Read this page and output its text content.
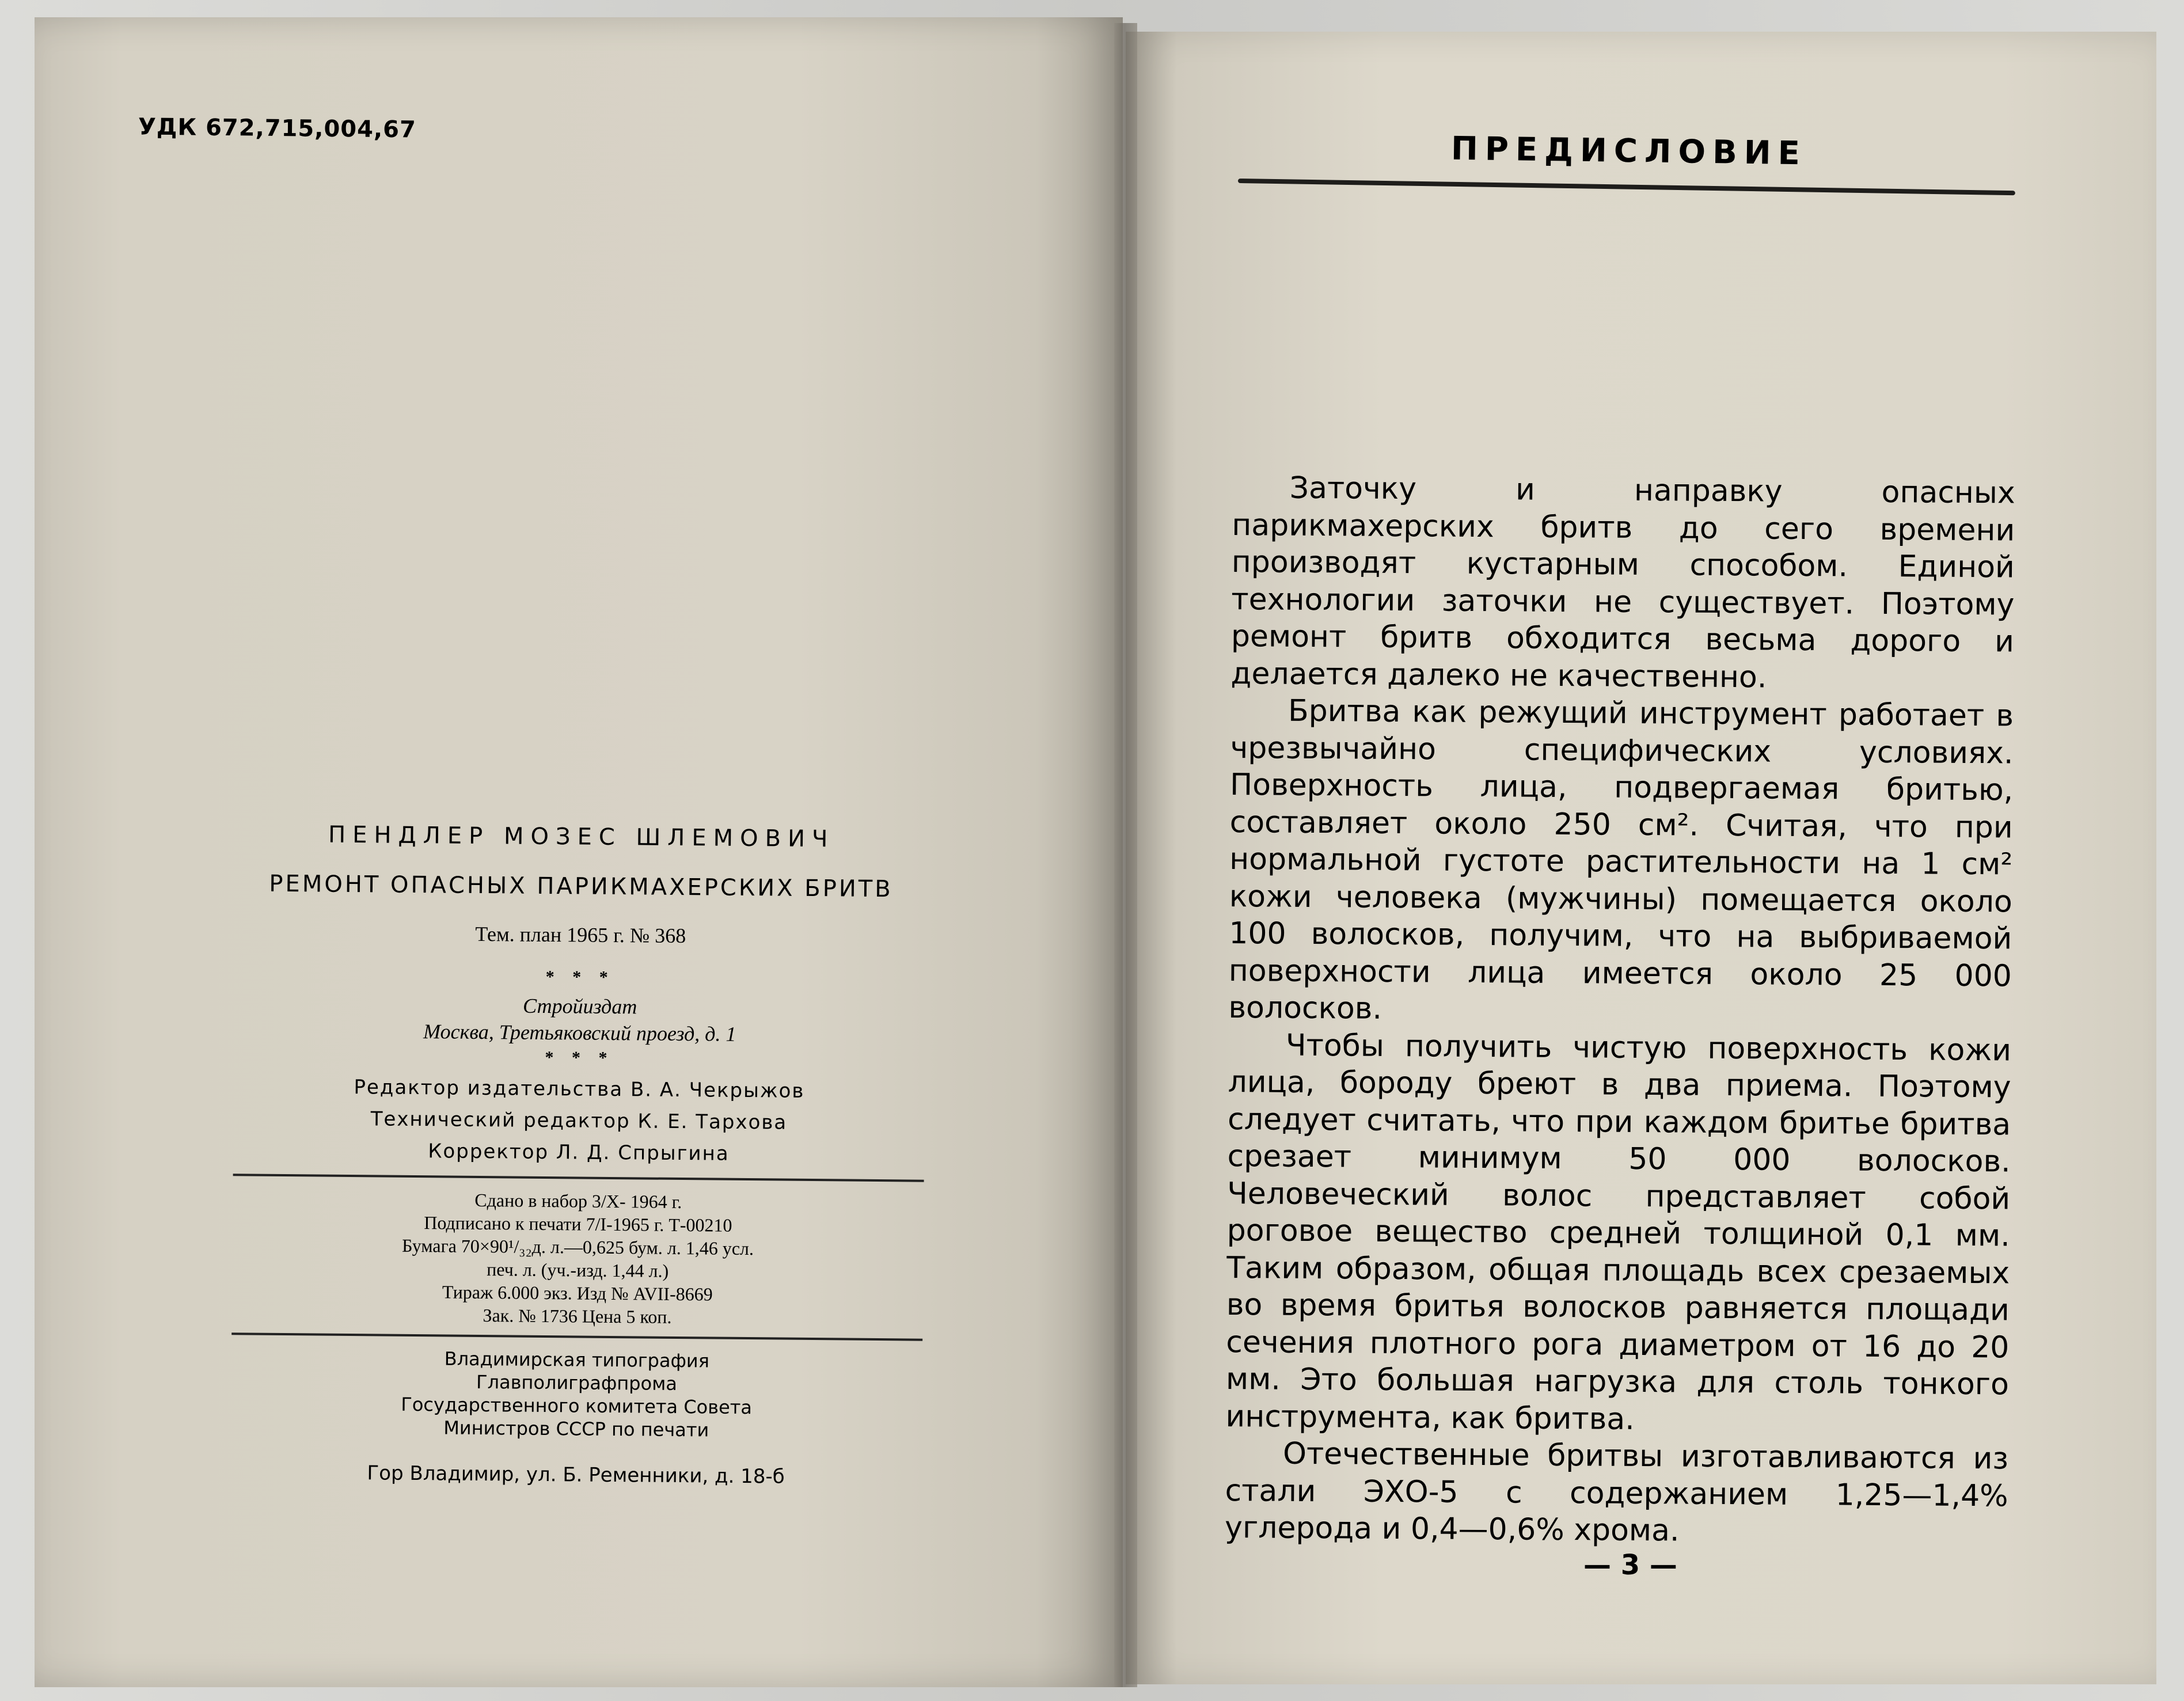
УДК 672,715,004,67
ПЕНДЛЕР МОЗЕС ШЛЕМОВИЧ
РЕМОНТ ОПАСНЫХ ПАРИКМАХЕРСКИХ БРИТВ
Тем. план 1965 г. № 368
* * *
Стройиздат
Москва, Третьяковский проезд, д. 1
* * *
Редактор издательства В. А. Чекрыжов
Технический редактор К. Е. Тархова
Корректор Л. Д. Спрыгина
Сдано в набор 3/X- 1964 г.
Подписано к печати 7/I-1965 г. Т-00210
Бумага 70×90¹/₃₂д. л.—0,625 бум. л. 1,46 усл.
печ. л. (уч.-изд. 1,44 л.)
Тираж 6.000 экз. Изд № AVII-8669
Зак. № 1736 Цена 5 коп.
Владимирская типография
Главполиграфпрома
Государственного комитета Совета
Министров СССР по печати
Гор Владимир, ул. Б. Ременники, д. 18-б
ПРЕДИСЛОВИЕ

Заточку и направку опасных парикмахерских бритв до сего времени производят кустарным способом. Единой технологии заточки не существует. Поэтому ремонт бритв обходится весьма дорого и делается далеко не качественно.

Бритва как режущий инструмент работает в чрезвычайно специфических условиях. Поверхность лица, подвергаемая бритью, составляет около 250 см². Считая, что при нормальной густоте растительности на 1 см² кожи человека (мужчины) помещается около 100 волосков, получим, что на выбриваемой поверхности лица имеется около 25 000 волосков.

Чтобы получить чистую поверхность кожи лица, бороду бреют в два приема. Поэтому следует считать, что при каждом бритье бритва срезает минимум 50 000 волосков. Человеческий волос представляет собой роговое вещество средней толщиной 0,1 мм. Таким образом, общая площадь всех срезаемых во время бритья волосков равняется площади сечения плотного рога диаметром от 16 до 20 мм. Это большая нагрузка для столь тонкого инструмента, как бритва.

Отечественные бритвы изготавливаются из стали ЭХО-5 с содержанием 1,25—1,4% углерода и 0,4—0,6% хрома.

— 3 —
